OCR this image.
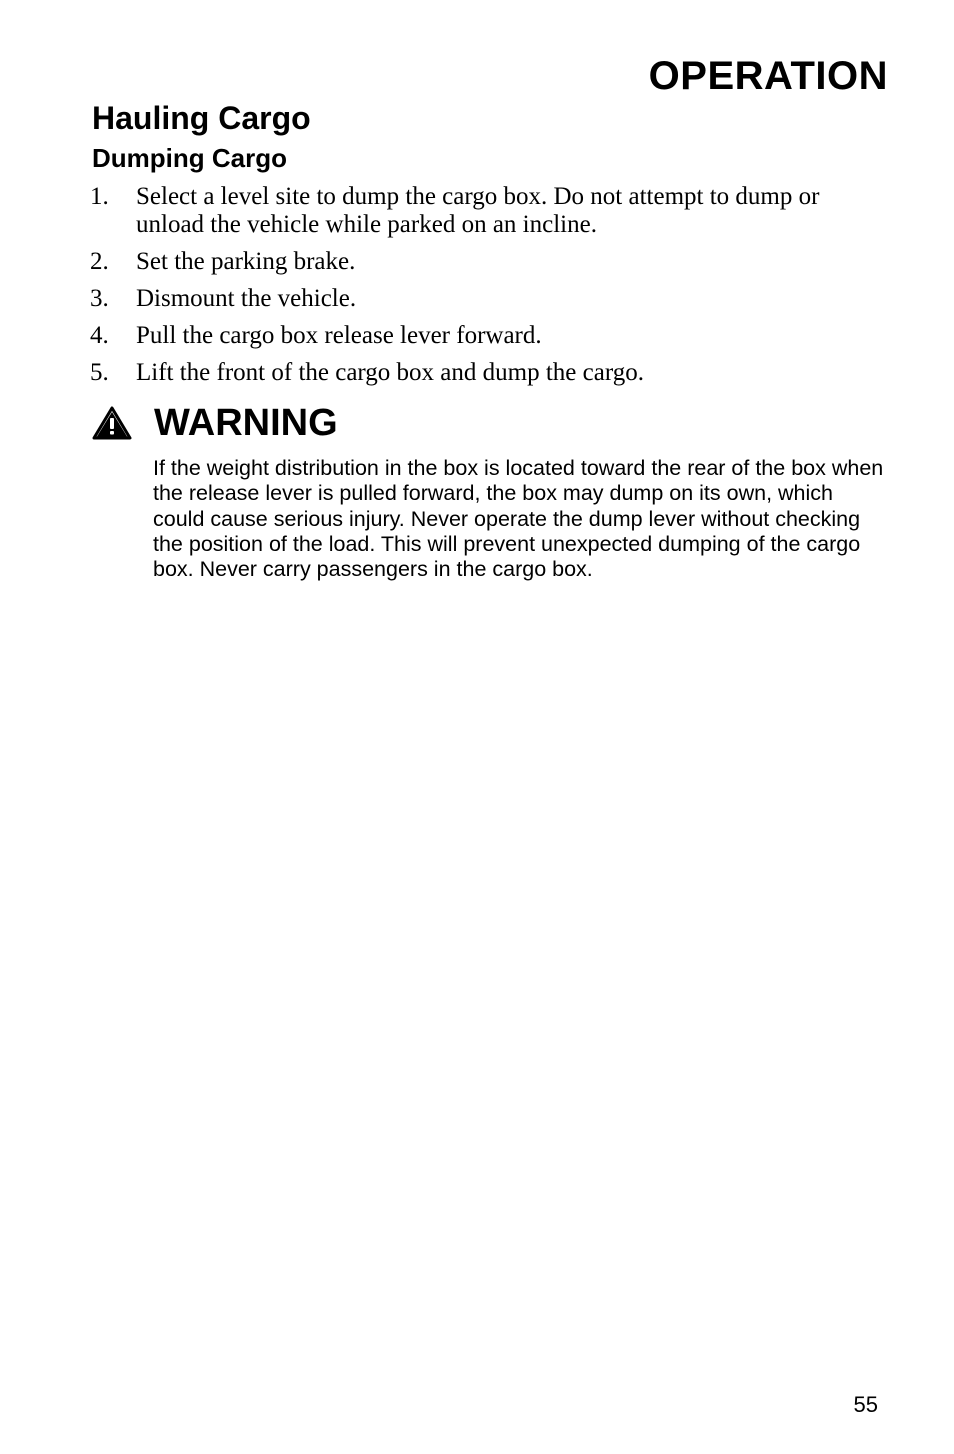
OPERATION
Hauling Cargo
Dumping Cargo
1.	Select a level site to dump the cargo box. Do not attempt to dump or unload the vehicle while parked on an incline.
2.	Set the parking brake.
3.	Dismount the vehicle.
4.	Pull the cargo box release lever forward.
5.	Lift the front of the cargo box and dump the cargo.
WARNING

If the weight distribution in the box is located toward the rear of the box when the release lever is pulled forward, the box may dump on its own, which could cause serious injury. Never operate the dump lever without checking the position of the load. This will prevent unexpected dumping of the cargo box. Never carry passengers in the cargo box.

55
